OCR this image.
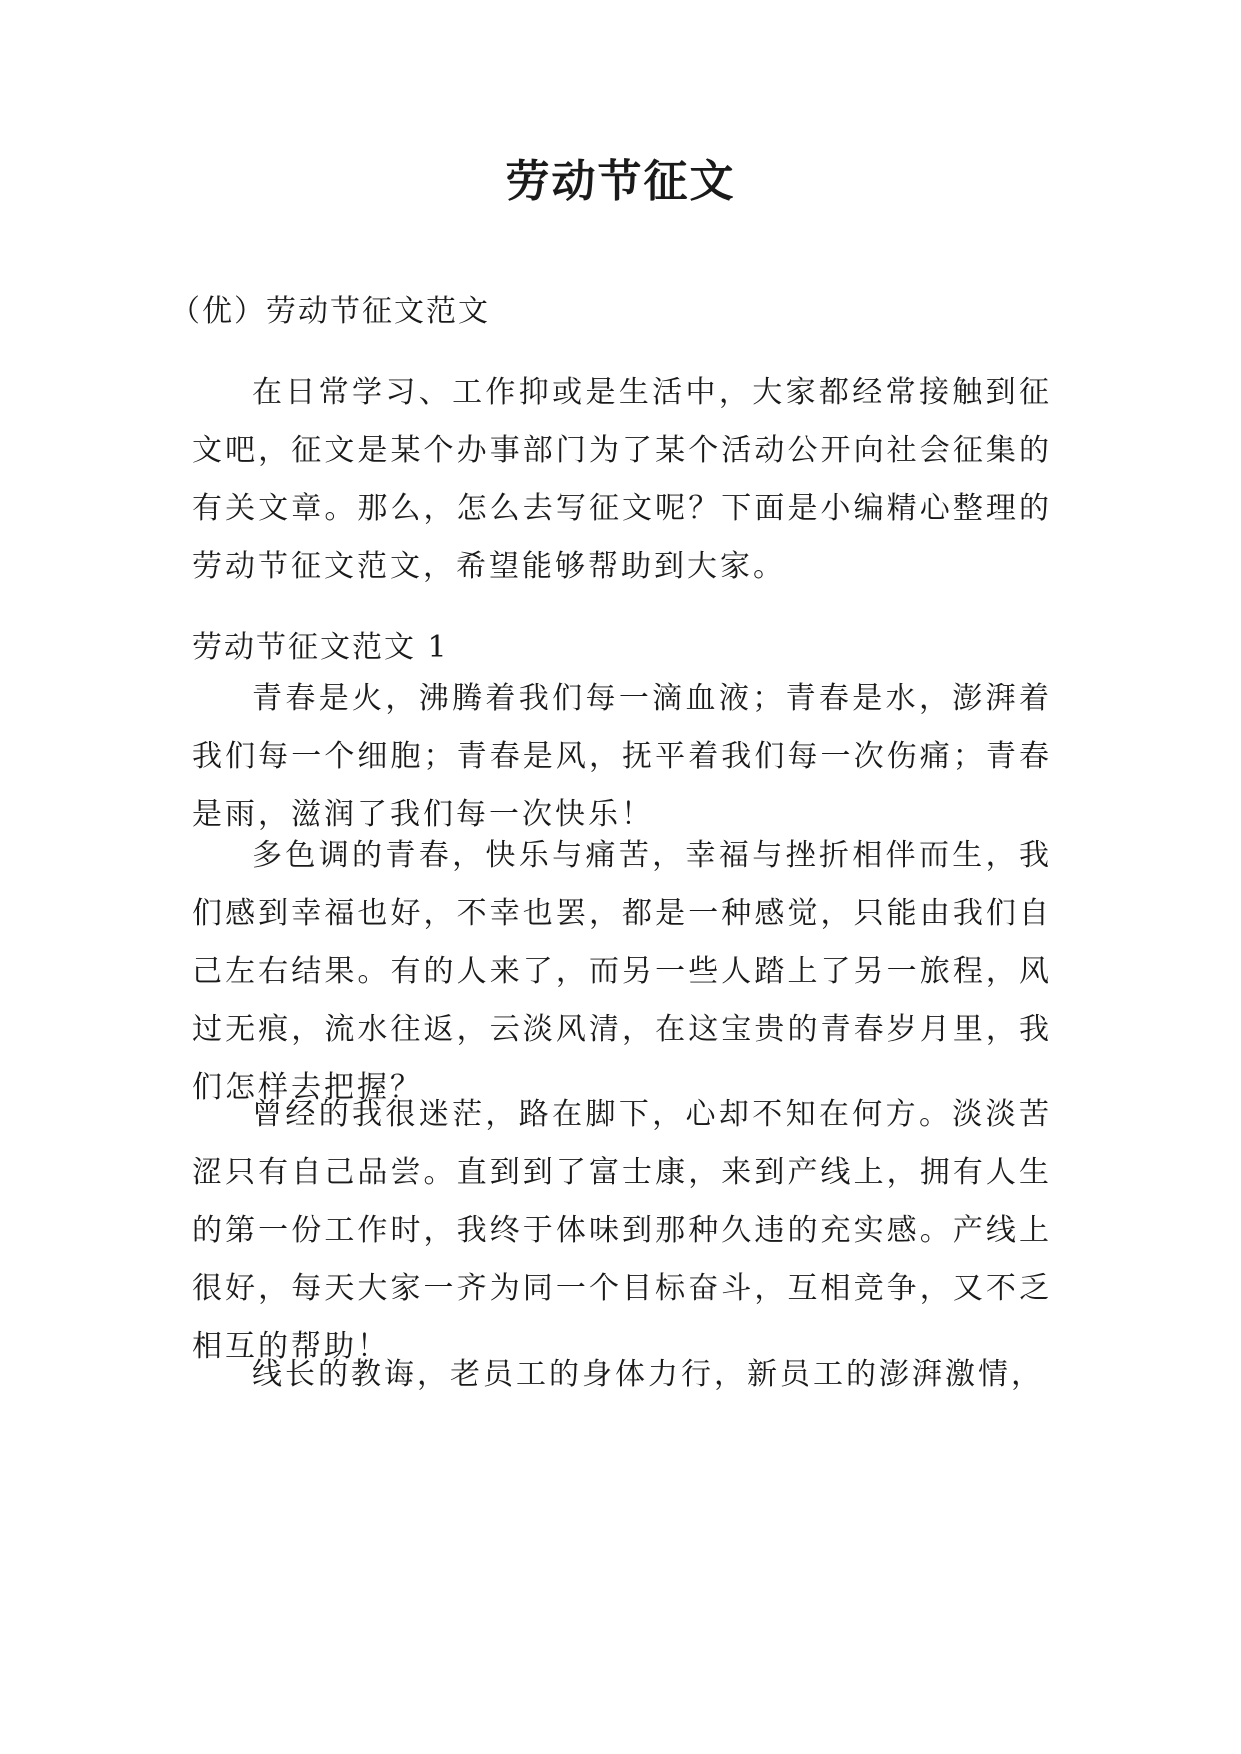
劳动节征文
（优）劳动节征文范文

在日常学习、工作抑或是生活中，大家都经常接触到征文吧，征文是某个办事部门为了某个活动公开向社会征集的有关文章。那么，怎么去写征文呢？下面是小编精心整理的劳动节征文范文，希望能够帮助到大家。

劳动节征文范文 1

青春是火，沸腾着我们每一滴血液；青春是水，澎湃着我们每一个细胞；青春是风，抚平着我们每一次伤痛；青春是雨，滋润了我们每一次快乐！

多色调的青春，快乐与痛苦，幸福与挫折相伴而生，我们感到幸福也好，不幸也罢，都是一种感觉，只能由我们自己左右结果。有的人来了，而另一些人踏上了另一旅程，风过无痕，流水往返，云淡风清，在这宝贵的青春岁月里，我们怎样去把握？

曾经的我很迷茫，路在脚下，心却不知在何方。淡淡苦涩只有自己品尝。直到到了富士康，来到产线上，拥有人生的第一份工作时，我终于体味到那种久违的充实感。产线上很好，每天大家一齐为同一个目标奋斗，互相竞争，又不乏相互的帮助！

线长的教诲，老员工的身体力行，新员工的澎湃激情，
